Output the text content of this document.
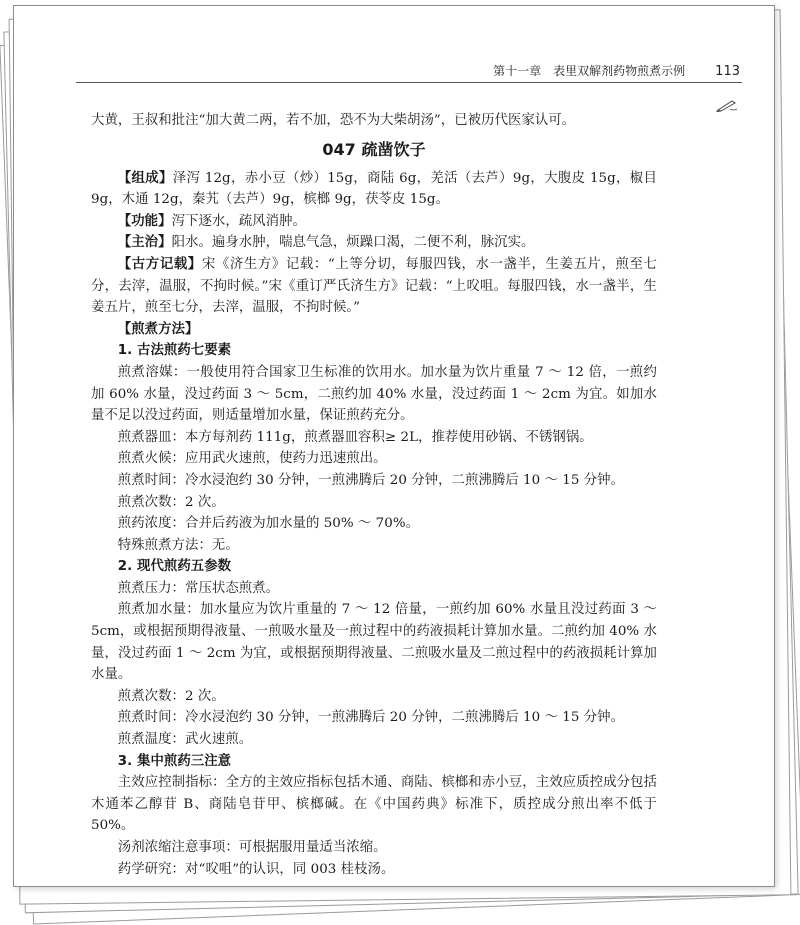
第十一章　表里双解剂药物煎煮示例 113

大黄，王叔和批注“加大黄二两，若不加，恐不为大柴胡汤”，已被历代医家认可。

047 疏凿饮子

【组成】泽泻 12g，赤小豆（炒）15g，商陆 6g，羌活（去芦）9g，大腹皮 15g，椒目 9g，木通 12g，秦艽（去芦）9g，槟榔 9g，茯苓皮 15g。

【功能】泻下逐水，疏风消肿。

【主治】阳水。遍身水肿，喘息气急，烦躁口渴，二便不利，脉沉实。

【古方记载】宋《济生方》记载：“上等分切，每服四钱，水一盏半，生姜五片，煎至七分，去滓，温服，不拘时候。”宋《重订严氏济生方》记载：“上㕮咀。每服四钱，水一盏半，生姜五片，煎至七分，去滓，温服，不拘时候。”

【煎煮方法】

1. 古法煎药七要素

煎煮溶媒：一般使用符合国家卫生标准的饮用水。加水量为饮片重量 7 ～ 12 倍，一煎约加 60% 水量，没过药面 3 ～ 5cm，二煎约加 40% 水量，没过药面 1 ～ 2cm 为宜。如加水量不足以没过药面，则适量增加水量，保证煎药充分。

煎煮器皿：本方每剂药 111g，煎煮器皿容积≥ 2L，推荐使用砂锅、不锈钢锅。

煎煮火候：应用武火速煎，使药力迅速煎出。

煎煮时间：冷水浸泡约 30 分钟，一煎沸腾后 20 分钟，二煎沸腾后 10 ～ 15 分钟。

煎煮次数：2 次。

煎药浓度：合并后药液为加水量的 50% ～ 70%。

特殊煎煮方法：无。

2. 现代煎药五参数

煎煮压力：常压状态煎煮。

煎煮加水量：加水量应为饮片重量的 7 ～ 12 倍量，一煎约加 60% 水量且没过药面 3 ～ 5cm，或根据预期得液量、一煎吸水量及一煎过程中的药液损耗计算加水量。二煎约加 40% 水量，没过药面 1 ～ 2cm 为宜，或根据预期得液量、二煎吸水量及二煎过程中的药液损耗计算加水量。

煎煮次数：2 次。

煎煮时间：冷水浸泡约 30 分钟，一煎沸腾后 20 分钟，二煎沸腾后 10 ～ 15 分钟。

煎煮温度：武火速煎。

3. 集中煎药三注意

主效应控制指标：全方的主效应指标包括木通、商陆、槟榔和赤小豆，主效应质控成分包括木通苯乙醇苷 B、商陆皂苷甲、槟榔碱。在《中国药典》标准下，质控成分煎出率不低于 50%。

汤剂浓缩注意事项：可根据服用量适当浓缩。

药学研究：对“㕮咀”的认识，同 003 桂枝汤。
